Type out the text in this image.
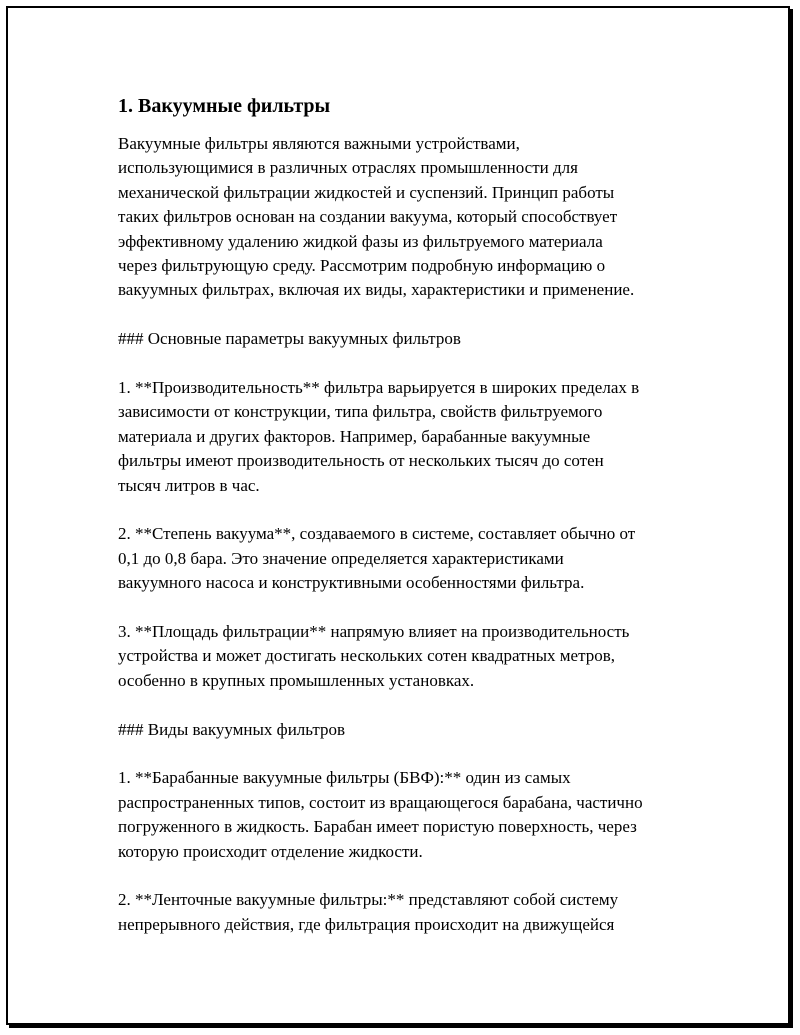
1. Вакуумные фильтры
Вакуумные фильтры являются важными устройствами,
использующимися в различных отраслях промышленности для
механической фильтрации жидкостей и суспензий. Принцип работы
таких фильтров основан на создании вакуума, который способствует
эффективному удалению жидкой фазы из фильтруемого материала
через фильтрующую среду. Рассмотрим подробную информацию о
вакуумных фильтрах, включая их виды, характеристики и применение.
### Основные параметры вакуумных фильтров
1. **Производительность** фильтра варьируется в широких пределах в
зависимости от конструкции, типа фильтра, свойств фильтруемого
материала и других факторов. Например, барабанные вакуумные
фильтры имеют производительность от нескольких тысяч до сотен
тысяч литров в час.
2. **Степень вакуума**, создаваемого в системе, составляет обычно от
0,1 до 0,8 бара. Это значение определяется характеристиками
вакуумного насоса и конструктивными особенностями фильтра.
3. **Площадь фильтрации** напрямую влияет на производительность
устройства и может достигать нескольких сотен квадратных метров,
особенно в крупных промышленных установках.
### Виды вакуумных фильтров
1. **Барабанные вакуумные фильтры (БВФ):** один из самых
распространенных типов, состоит из вращающегося барабана, частично
погруженного в жидкость. Барабан имеет пористую поверхность, через
которую происходит отделение жидкости.
2. **Ленточные вакуумные фильтры:** представляют собой систему
непрерывного действия, где фильтрация происходит на движущейся
